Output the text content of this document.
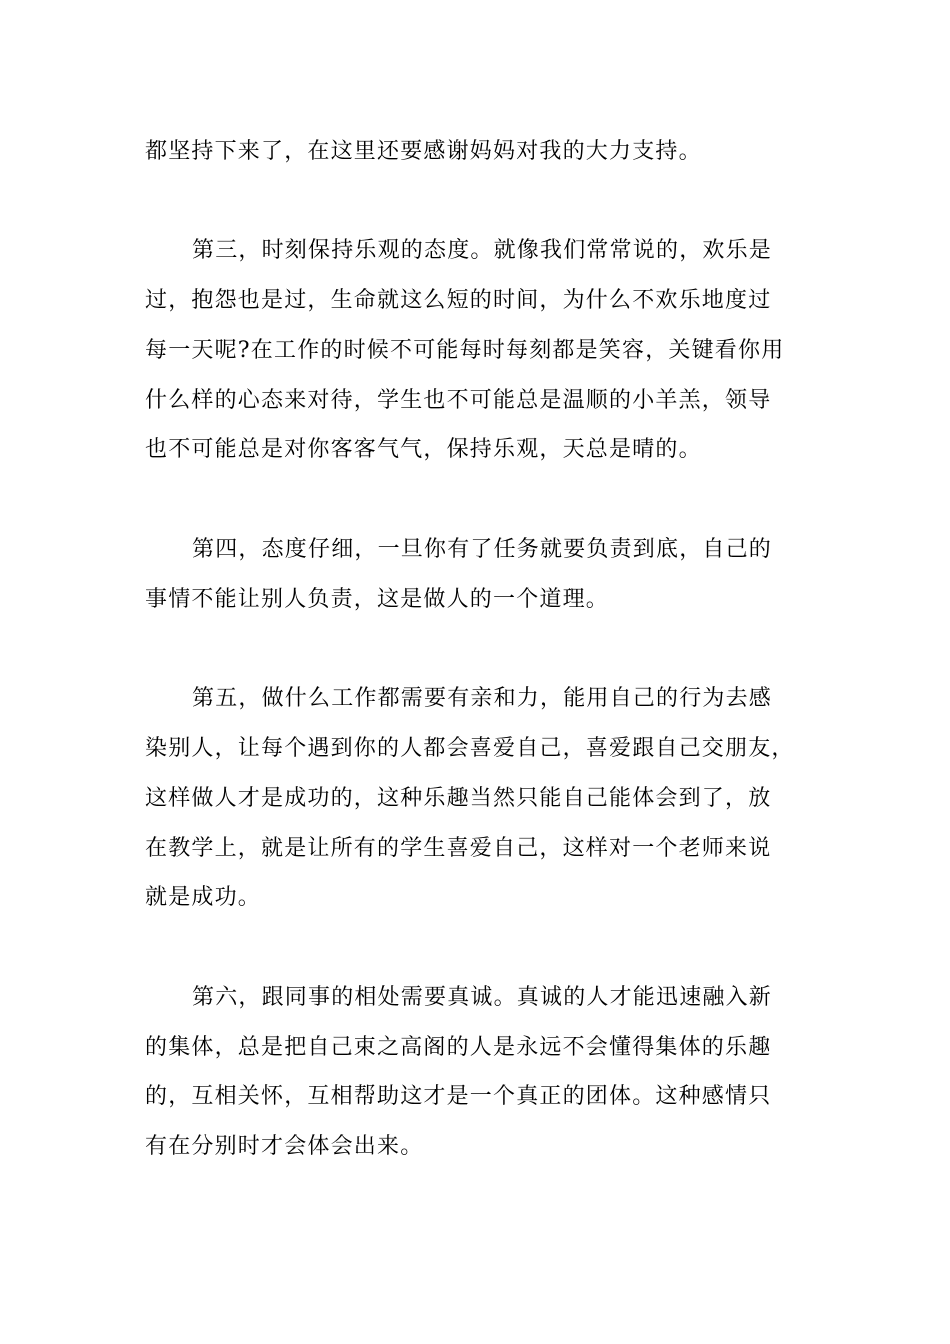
都坚持下来了，在这里还要感谢妈妈对我的大力支持。
第三，时刻保持乐观的态度。就像我们常常说的，欢乐是
过，抱怨也是过，生命就这么短的时间，为什么不欢乐地度过
每一天呢?在工作的时候不可能每时每刻都是笑容，关键看你用
什么样的心态来对待，学生也不可能总是温顺的小羊羔，领导
也不可能总是对你客客气气，保持乐观，天总是晴的。
第四，态度仔细，一旦你有了任务就要负责到底，自己的
事情不能让别人负责，这是做人的一个道理。
第五，做什么工作都需要有亲和力，能用自己的行为去感
染别人，让每个遇到你的人都会喜爱自己，喜爱跟自己交朋友，
这样做人才是成功的，这种乐趣当然只能自己能体会到了，放
在教学上，就是让所有的学生喜爱自己，这样对一个老师来说
就是成功。
第六，跟同事的相处需要真诚。真诚的人才能迅速融入新
的集体，总是把自己束之高阁的人是永远不会懂得集体的乐趣
的，互相关怀，互相帮助这才是一个真正的团体。这种感情只
有在分别时才会体会出来。
